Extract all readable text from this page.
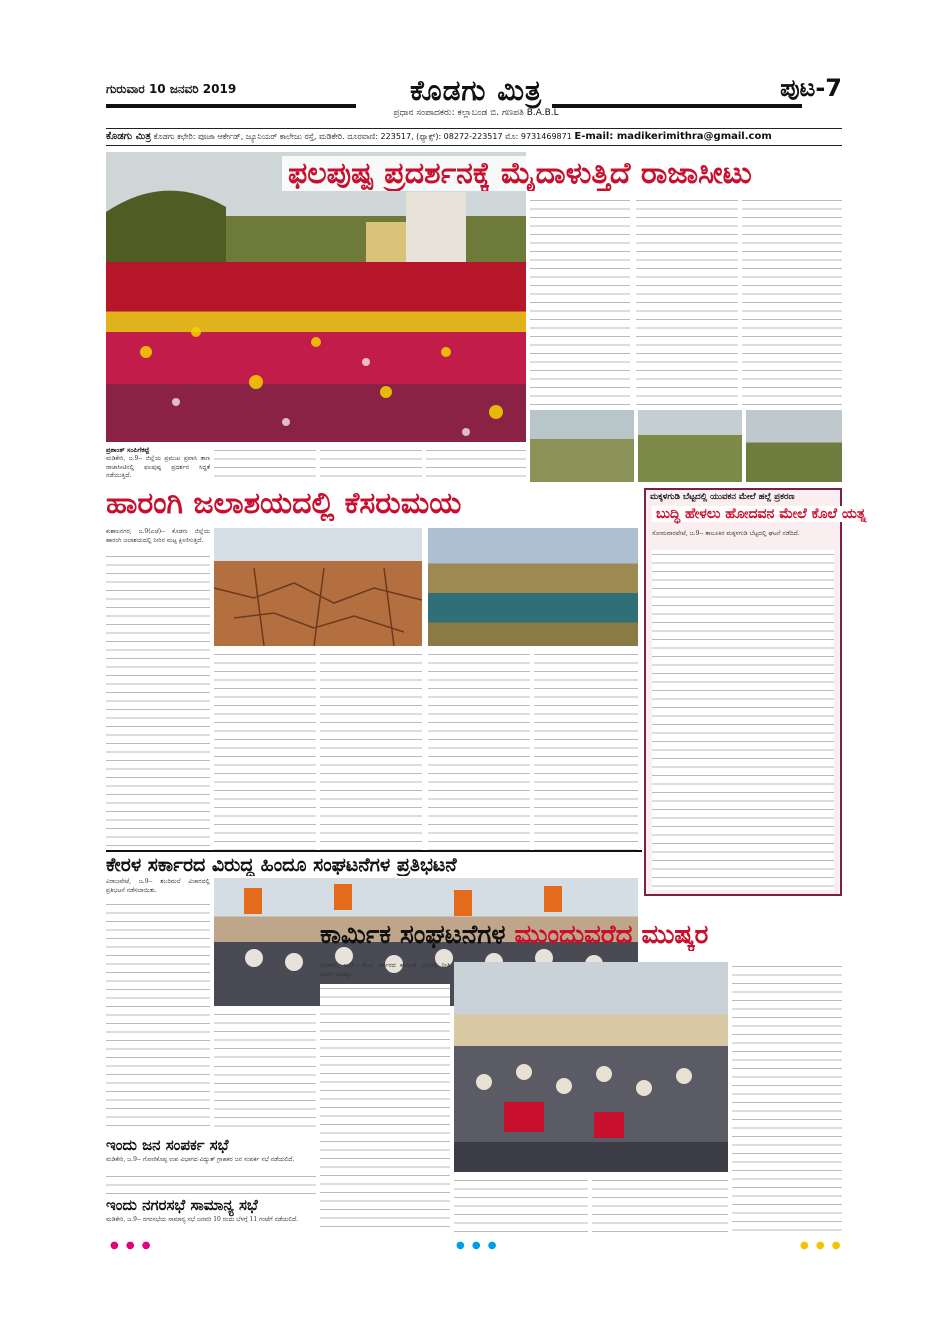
ಗುರುವಾರ 10 ಜನವರಿ 2019	ಕೊಡಗು ಮಿತ್ರ
ಪ್ರಧಾನ ಸಂಪಾದಕರು: ಕಲ್ಲಾಬಂಡ ಬಿ. ಗಣಪತಿ B.A.B.L
ಪುಟ-7
ಕೊಡಗು ಮಿತ್ರ ಕೊಡಗು ಕಛೇರಿ: ಪೂಜಾ ಆರ್ಕೇಡ್, ಜ್ಯೂನಿಯರ್ ಕಾಲೇಜು ರಸ್ತೆ, ಮಡಿಕೇರಿ. ದೂರವಾಣಿ: 223517, (ಫ್ಯಾಕ್ಸ್): 08272-223517 ಮೊ: 9731469871 E-mail: madikerimithra@gmail.com
ಫಲಪುಷ್ಪ ಪ್ರದರ್ಶನಕ್ಕೆ ಮೈದಾಳುತ್ತಿದೆ ರಾಜಾಸೀಟು
ಪ್ರಶಾಂತ್ ಸಂಪಿಗೆಕಟ್ಟೆ
ಮಡಿಕೇರಿ, ಜ.9-- ಜಿಲ್ಲೆಯ ಪ್ರಮುಖ ಪ್ರವಾಸಿ ತಾಣ ರಾಜಾಸೀಟಿನಲ್ಲಿ ಫಲಪುಷ್ಪ ಪ್ರದರ್ಶನ ಸಿದ್ಧತೆ ನಡೆಯುತ್ತಿದೆ.
ಹಾರಂಗಿ ಜಲಾಶಯದಲ್ಲಿ ಕೆಸರುಮಯ
ಕುಶಾಲನಗರ, ಜ.9(ಎಜೆ)-- ಕೊಡಗು ಜಿಲ್ಲೆಯ ಹಾರಂಗಿ ಜಲಾಶಯದಲ್ಲಿ ನೀರಿನ ಮಟ್ಟ ಕ್ಷೀಣಿಸುತ್ತಿದೆ.
ಮಕ್ಕಳಗುಡಿ ಬೆಟ್ಟದಲ್ಲಿ ಯುವಕನ ಮೇಲೆ ಹಲ್ಲೆ ಪ್ರಕರಣ
ಬುದ್ಧಿ ಹೇಳಲು ಹೋದವನ ಮೇಲೆ ಕೊಲೆ ಯತ್ನ
ಸೋಮವಾರಪೇಟೆ, ಜ.9-- ತಾಲೂಕಿನ ಮಕ್ಕಳಗುಡಿ ಬೆಟ್ಟದಲ್ಲಿ ಘಟನೆ ನಡೆದಿದೆ.
ಕೇರಳ ಸರ್ಕಾರದ ವಿರುದ್ಧ ಹಿಂದೂ ಸಂಘಟನೆಗಳ ಪ್ರತಿಭಟನೆ
ವಿರಾಜಪೇಟೆ, ಜ.9-- ಶಬರಿಮಲೆ ವಿಚಾರದಲ್ಲಿ ಪ್ರತಿಭಟನೆ ನಡೆಸಲಾಯಿತು.
ಕಾರ್ಮಿಕ ಸಂಘಟನೆಗಳ ಮುಂದುವರೆದ ಮುಷ್ಕರ
ಮಡಿಕೇರಿ, ಜ.9-- ಕೇಂದ್ರ ಸರ್ಕಾರದ ಕಾರ್ಮಿಕ ವಿರೋಧಿ ನೀತಿ ಖಂಡಿಸಿ ಮುಷ್ಕರ.
ಇಂದು ಜನ ಸಂಪರ್ಕ ಸಭೆ
ಮಡಿಕೇರಿ, ಜ.9-- ಗೋಣಿಕೊಪ್ಪ ಉಪ ವಿಭಾಗದ ವಿದ್ಯುತ್ ಗ್ರಾಹಕರ ಜನ ಸಂಪರ್ಕ ಸಭೆ ನಡೆಯಲಿದೆ.
ಇಂದು ನಗರಸಭೆ ಸಾಮಾನ್ಯ ಸಭೆ
ಮಡಿಕೇರಿ, ಜ.9-- ನಗರಸಭೆಯ ಸಾಮಾನ್ಯ ಸಭೆ ಜನವರಿ 10 ರಂದು ಬೆಳಗ್ಗೆ 11 ಗಂಟೆಗೆ ನಡೆಯಲಿದೆ.
● ● ●	● ● ●	● ● ●
